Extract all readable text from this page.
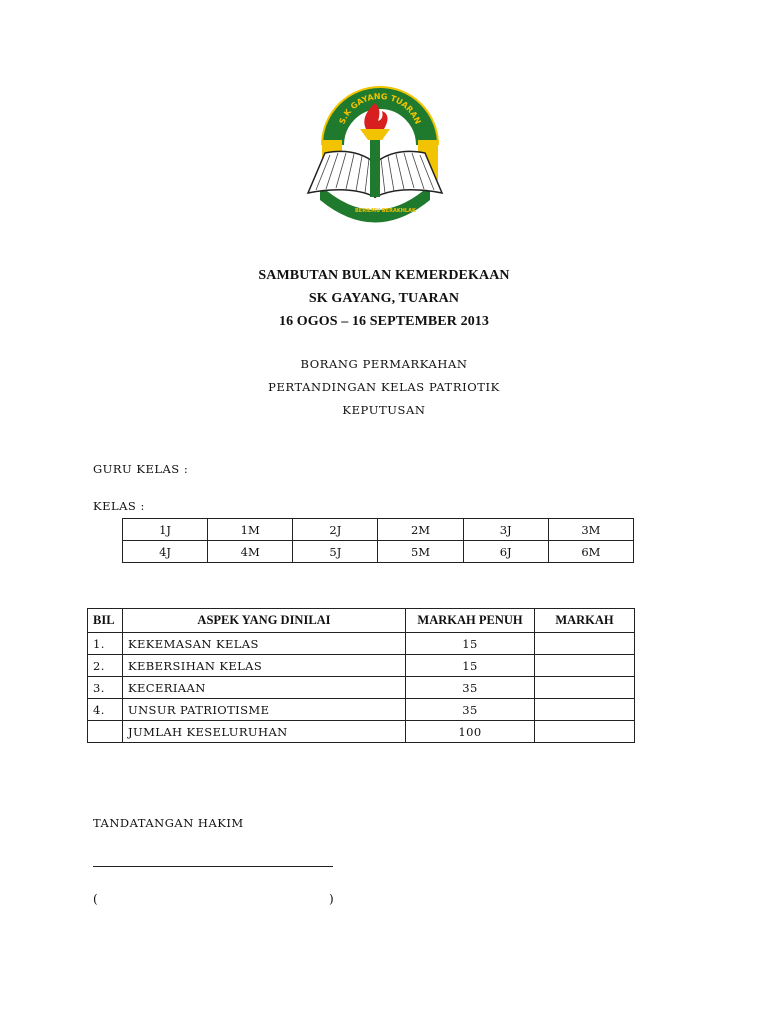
S.K GAYANG TUARAN
BERILMU BERAKHLAK
SAMBUTAN BULAN KEMERDEKAAN
SK GAYANG, TUARAN
16 OGOS – 16 SEPTEMBER 2013
BORANG PERMARKAHAN
PERTANDINGAN KELAS PATRIOTIK
KEPUTUSAN
GURU KELAS :
KELAS :
1J	1M	2J	2M	3J	3M
4J	4M	5J	5M	6J	6M
BIL	ASPEK YANG DINILAI	MARKAH PENUH	MARKAH
1.	KEKEMASAN KELAS	15	
2.	KEBERSIHAN KELAS	15	
3.	KECERIAAN	35	
4.	UNSUR PATRIOTISME	35	
	JUMLAH KESELURUHAN	100	
TANDATANGAN HAKIM
(	)
